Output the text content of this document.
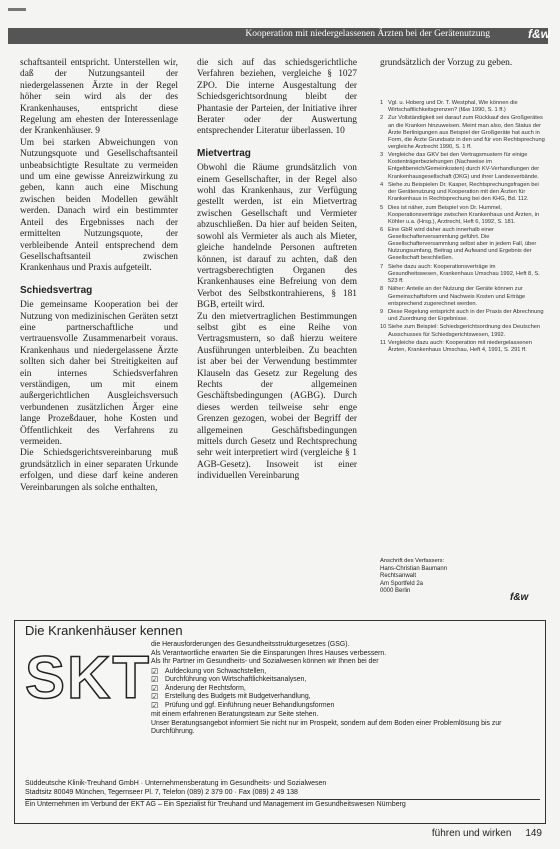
Kooperation mit niedergelassenen Ärzten bei der Gerätenutzung	f&w

schaftsanteil entspricht. Unterstellen wir, daß der Nutzungsanteil der niedergelassenen Ärzte in der Regel höher sein wird als der des Krankenhauses, entspricht diese Regelung am ehesten der Interessenlage der Krankenhäuser. 9

Um bei starken Abweichungen von Nutzungsquote und Gesellschaftsanteil unbeabsichtigte Resultate zu vermeiden und um eine gewisse Anreizwirkung zu geben, kann auch eine Mischung zwischen beiden Modellen gewählt werden. Danach wird ein bestimmter Anteil des Ergebnisses nach der ermittelten Nutzungsquote, der verbleibende Anteil entsprechend dem Gesellschaftsanteil zwischen Krankenhaus und Praxis aufgeteilt.

Schiedsvertrag

Die gemeinsame Kooperation bei der Nutzung von medizinischen Geräten setzt eine partnerschaftliche und vertrauensvolle Zusammenarbeit voraus. Krankenhaus und niedergelassene Ärzte sollten sich daher bei Streitigkeiten auf ein internes Schiedsverfahren verständigen, um mit einem außergerichtlichen Ausgleichsversuch verbundenen zusätzlichen Ärger eine lange Prozeßdauer, hohe Kosten und Öffentlichkeit des Verfahrens zu vermeiden.

Die Schiedsgerichtsvereinbarung muß grundsätzlich in einer separaten Urkunde erfolgen, und diese darf keine anderen Vereinbarungen als solche enthalten,

die sich auf das schiedsgerichtliche Verfahren beziehen, vergleiche § 1027 ZPO. Die interne Ausgestaltung der Schiedsgerichtsordnung bleibt der Phantasie der Parteien, der Initiative ihrer Berater oder der Auswertung entsprechender Literatur überlassen. 10

Mietvertrag

Obwohl die Räume grundsätzlich von einem Gesellschafter, in der Regel also wohl das Krankenhaus, zur Verfügung gestellt werden, ist ein Mietvertrag zwischen Gesellschaft und Vermieter abzuschließen. Da hier auf beiden Seiten, sowohl als Vermieter als auch als Mieter, gleiche handelnde Personen auftreten können, ist darauf zu achten, daß den vertragsberechtigten Organen des Krankenhauses eine Befreiung von dem Verbot des Selbstkontrahierens, § 181 BGB, erteilt wird.

Zu den mietvertraglichen Bestimmungen selbst gibt es eine Reihe von Vertragsmustern, so daß hierzu weitere Ausführungen unterbleiben. Zu beachten ist aber bei der Verwendung bestimmter Klauseln das Gesetz zur Regelung des Rechts der allgemeinen Geschäftsbedingungen (AGBG). Durch dieses werden teilweise sehr enge Grenzen gezogen, wobei der Begriff der allgemeinen Geschäftsbedingungen mittels durch Gesetz und Rechtsprechung sehr weit interpretiert wird (vergleiche § 1 AGB-Gesetz). Insoweit ist einer individuellen Vereinbarung

grundsätzlich der Vorzug zu geben.

1 Vgl. u. Hoberg und Dr. T. Westphal, Wie können die Wirtschaftlichkeitsgrenzen? (f&w 1990, S. 1 ff.)
2 Zur Vollständigkeit sei darauf zum Rückkauf des Großgerätes an die Kranken hinzuweisen. Meint man also, den Status der Ärzte Berlinigungen aus Beispiel der Großgeräte hat auch in Form, die Ärzte Grundsatz in den und für von Rechtsprechung vergleiche Arztrecht 1990, S. 1 ff.
3 Vergleiche das GKV bei den Vertragsmustern für einige Kostenträgerbeziehungen (Nachweise im Entgeltbereich/Gemeinkosten) durch KV-Verhandlungen der Krankenhausgesellschaft (DKG) und ihrer Landesverbände.
4 Siehe zu Beispielen Dr. Kasper, Rechtsprechungsfragen bei der Gerätenutzung und Kooperation mit den Ärzten für Krankenhaus in Rechtsprechung bei den KHG, Bd. 112.
5 Dies ist näher, zum Beispiel von Dr. Hummel, Kooperationsverträge zwischen Krankenhaus und Ärzten, in Köhler u.a. (Hrsg.), Arztrecht, Heft 6, 1992, S. 181.
6 Eine GbR wird daher auch innerhalb einer Gesellschafterversammlung geführt. Die Gesellschafterversammlung selbst aber in jedem Fall, über Nutzungsumfang, Beitrag und Aufwand und Ergebnis der Gesellschaft beschließen.
7 Siehe dazu auch: Kooperationsverträge im Gesundheitswesen, Krankenhaus Umschau 1992, Heft 8, S. 523 ff.
8 Näher: Anteile an der Nutzung der Geräte können zur Gemeinschaftsform und Nachweis Kosten und Erträge entsprechend zugerechnet werden.
9 Diese Regelung entspricht auch in der Praxis der Abrechnung und Zuordnung der Ergebnisse.
10 Siehe zum Beispiel: Schiedsgerichtsordnung des Deutschen Ausschusses für Schiedsgerichtswesen, 1992.
11 Vergleiche dazu auch: Kooperation mit niedergelassenen Ärzten, Krankenhaus Umschau, Heft 4, 1991, S. 291 ff.
Anschrift des Verfassers:
Hans-Christian Baumann
Rechtsanwalt
Am Sportfeld 2a
0000 Berlin
f&w
Die Krankenhäuser kennen
SKT die Herausforderungen des Gesundheitsstrukturgesetzes (GSG).

Als Verantwortliche erwarten Sie die Einsparungen Ihres Hauses verbessern.

Als Ihr Partner im Gesundheits- und Sozialwesen können wir Ihnen bei der

☑ Aufdeckung von Schwachstellen,
☑ Durchführung von Wirtschaftlichkeitsanalysen,
☑ Änderung der Rechtsform,
☑ Erstellung des Budgets mit Budgetverhandlung,
☑ Prüfung und ggf. Einführung neuer Behandlungsformen

mit einem erfahrenen Beratungsteam zur Seite stehen.

Unser Beratungsangebot informiert Sie nicht nur im Prospekt, sondern auf dem Boden einer Problemlösung bis zur Durchführung.

Süddeutsche Klinik-Treuhand GmbH · Unternehmensberatung im Gesundheits- und Sozialwesen
Stadtsitz 80049 München, Tegernseer Pl. 7, Telefon (089) 2 379 00 · Fax (089) 2 49 138
Ein Unternehmen im Verbund der EKT AG – Ein Spezialist für Treuhand und Management im Gesundheitswesen Nürnberg
führen und wirken 149
